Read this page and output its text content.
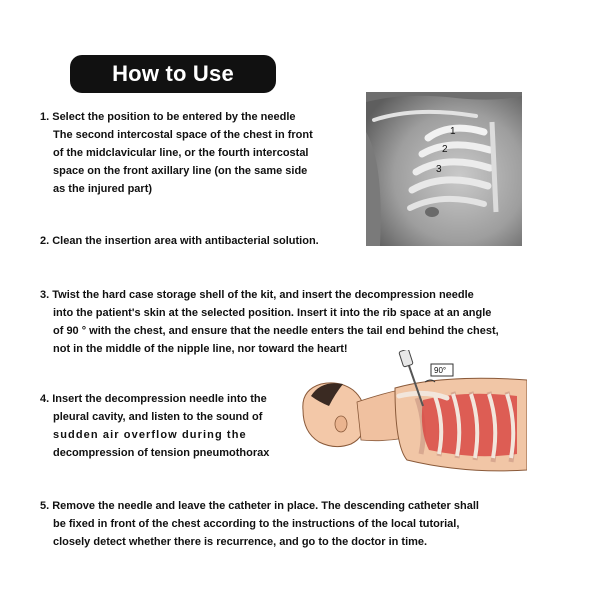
How to Use
1. Select the position to be entered by the needle
The second intercostal space of the chest in front
of the midclavicular line, or the fourth intercostal
space on the front axillary line (on the same side
as the injured part)
2. Clean the insertion area with antibacterial solution.
3. Twist the hard case storage shell of the kit, and insert the decompression needle
into the patient's skin at the selected position. Insert it into the rib space at an angle
of 90 ° with the chest, and ensure that the needle enters the tail end behind the chest,
not in the middle of the nipple line, nor toward the heart!
4. Insert the decompression needle into the
pleural cavity, and listen to the sound of
sudden air overflow during the
decompression of tension pneumothorax
5. Remove the needle and leave the catheter in place. The descending catheter shall
be fixed in front of the chest according to the instructions of the local tutorial,
closely detect whether there is recurrence, and go to the doctor in time.
1
2
3
90°
